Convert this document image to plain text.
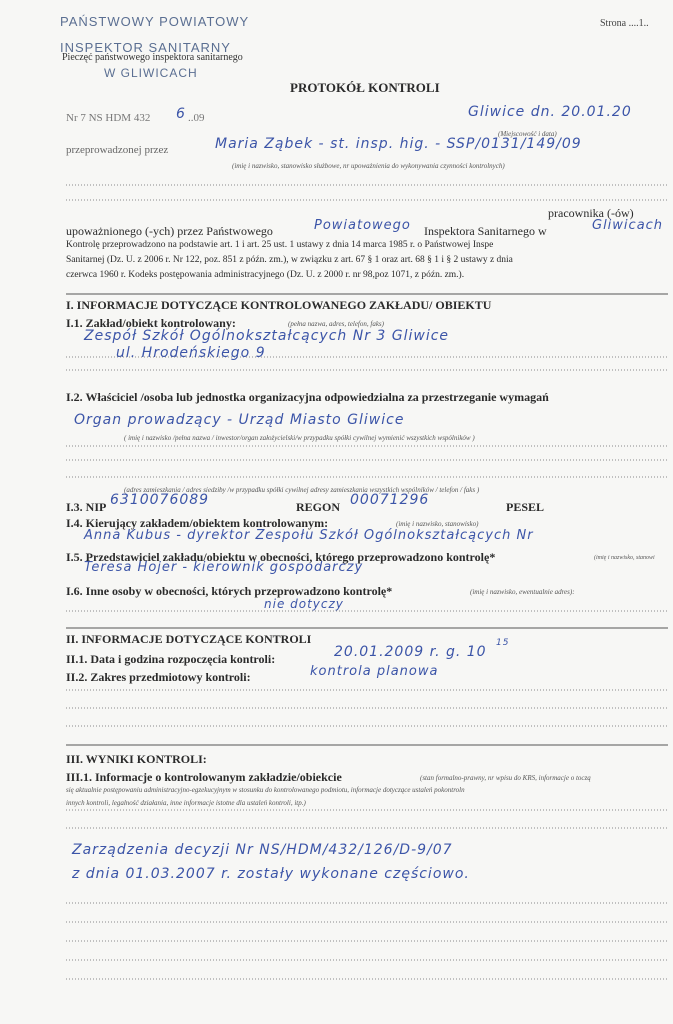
PAŃSTWOWY POWIATOWY
INSPEKTOR SANITARNY
Pieczęć państwowego inspektora sanitarnego
W GLIWICACH
Strona ....1..
PROTOKÓŁ KONTROLI
Nr 7 NS HDM 432 6 ..09	Gliwice dn. 20.01.20
(Miejscowość i data)
przeprowadzonej przez	Maria Ząbek - st. insp. hig. - SSP/0131/149/09
(imię i nazwisko, stanowisko służbowe, nr upoważnienia do wykonywania czynności kontrolnych)
pracownika (-ów)
upoważnionego (-ych) przez Państwowego	Powiatowego Inspektora Sanitarnego w	Gliwicach
Kontrolę przeprowadzono na podstawie art. 1 i art. 25 ust. 1 ustawy z dnia 14 marca 1985 r. o Państwowej Inspe
Sanitarnej (Dz. U. z 2006 r. Nr 122, poz. 851 z późn. zm.), w związku z art. 67 § 1 oraz art. 68 § 1 i § 2 ustawy z dnia
czerwca 1960 r. Kodeks postępowania administracyjnego (Dz. U. z 2000 r. nr 98,poz 1071, z późn. zm.).
I. INFORMACJE DOTYCZĄCE KONTROLOWANEGO ZAKŁADU/ OBIEKTU
I.1. Zakład/obiekt kontrolowany:	(pełna nazwa, adres, telefon, faks)
Zespół Szkół Ogólnokształcących Nr 3 Gliwice
ul. Hrodeńskiego 9
I.2. Właściciel /osoba lub jednostka organizacyjna odpowiedzialna za przestrzeganie wymagań
Organ prowadzący - Urząd Miasto Gliwice
( imię i nazwisko /pełna nazwa / inwestor/organ założycielski/w przypadku spółki cywilnej wymienić wszystkich wspólników )
(adres zamieszkania / adres siedziby /w przypadku spółki cywilnej adresy zamieszkania wszystkich wspólników / telefon / faks )
I.3. NIP 6310076089	REGON 00071296	PESEL
I.4. Kierujący zakładem/obiektem kontrolowanym:	(imię i nazwisko, stanowisko)
Anna Kubus - dyrektor Zespołu Szkół Ogólnokształcących Nr
I.5. Przedstawiciel zakładu/obiektu w obecności, którego przeprowadzono kontrolę*	(imię i nazwisko, stanowi
Teresa Hojer - kierownik gospodarczy
I.6. Inne osoby w obecności, których przeprowadzono kontrolę*	(imię i nazwisko, ewentualnie adres):
nie dotyczy
II. INFORMACJE DOTYCZĄCE KONTROLI
II.1. Data i godzina rozpoczęcia kontroli:	20.01.2009 r. g. 10
15
II.2. Zakres przedmiotowy kontroli:	kontrola planowa
III. WYNIKI KONTROLI:
III.1. Informacje o kontrolowanym zakładzie/obiekcie	(stan formalno-prawny, nr wpisu do KRS, informacje o toczą
się aktualnie postępowaniu administracyjno-egzekucyjnym w stosunku do kontrolowanego podmiotu, informacje dotyczące ustaleń pokontroln
innych kontroli, legalność działania, inne informacje istotne dla ustaleń kontroli, itp.)
Zarządzenia decyzji Nr NS/HDM/432/126/D-9/07
z dnia 01.03.2007 r. zostały wykonane częściowo.
